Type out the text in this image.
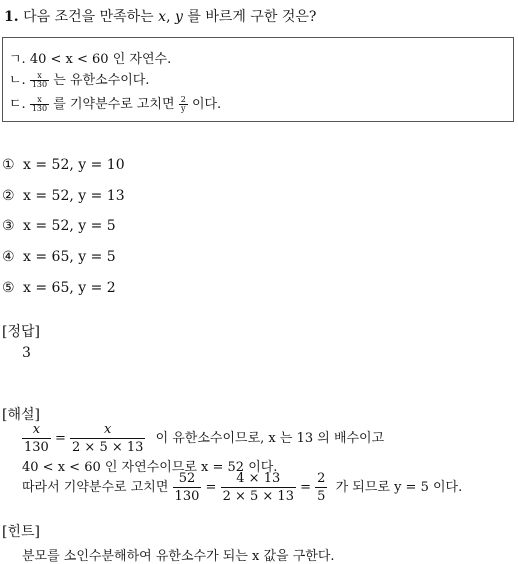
1. 다음 조건을 만족하는 x, y 를 바르게 구한 것은?
ㄱ. 40 < x < 60 인 자연수.
ㄴ. $\frac{x}{130}$ 는 유한소수이다.
ㄷ. $\frac{x}{130}$ 를 기약분수로 고치면 $\frac{2}{y}$ 이다.
① x = 52, y = 10
② x = 52, y = 13
③ x = 52, y = 5
④ x = 65, y = 5
⑤ x = 65, y = 2
[정답]
3
[해설]
$\frac{x}{130} = \frac{x}{2 \times 5 \times 13}$ 이 유한소수이므로, x 는 13 의 배수이고
40 < x < 60 인 자연수이므로 x = 52 이다.
따라서 기약분수로 고치면 $\frac{52}{130} = \frac{4 \times 13}{2 \times 5 \times 13} = \frac{2}{5}$ 가 되므로 y = 5 이다.
[힌트]
분모를 소인수분해하여 유한소수가 되는 x 값을 구한다.
